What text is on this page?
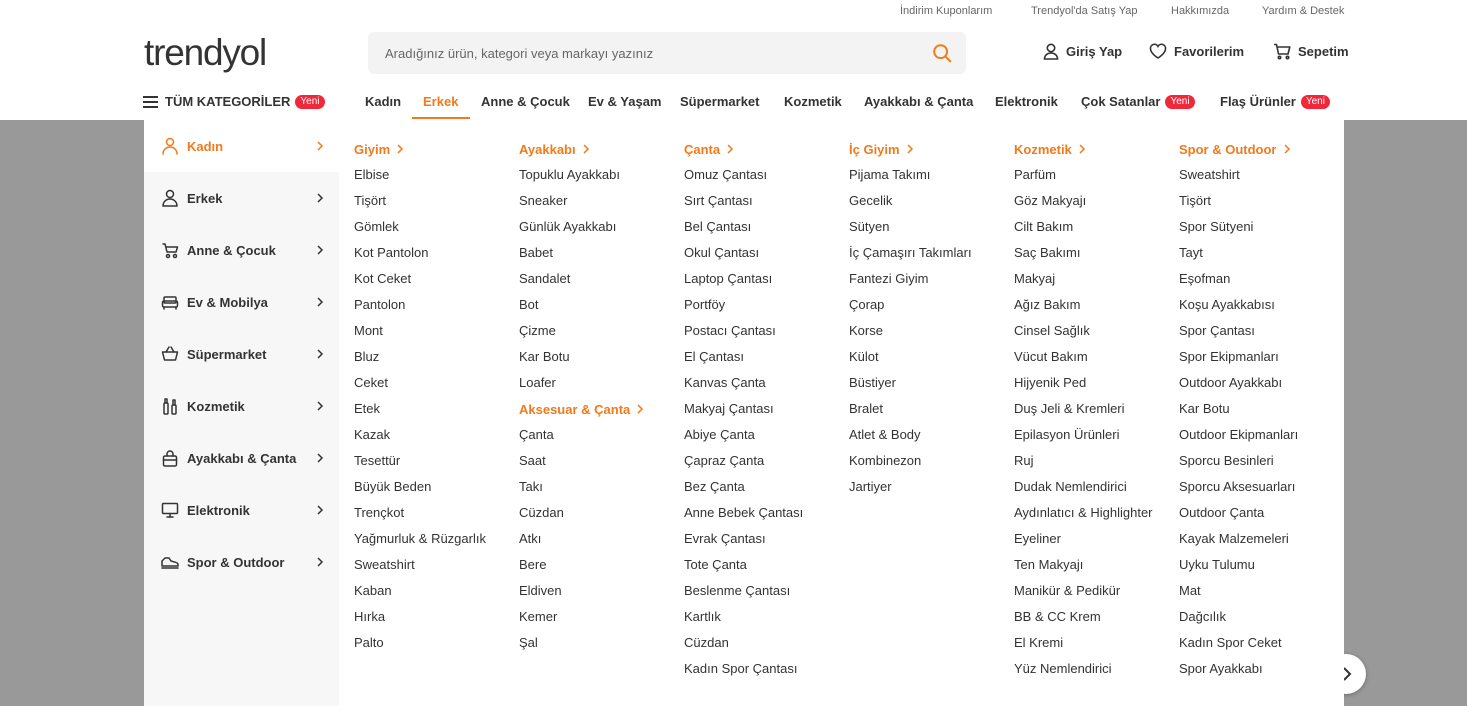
İndirim Kuponlarım	Trendyol'da Satış Yap	Hakkımızda	Yardım & Destek
trendyol
Aradığınız ürün, kategori veya markayı yazınız	Giriş Yap	Favorilerim	Sepetim
TÜM KATEGORİLER	Yeni	Kadın Erkek Anne & Çocuk Ev & Yaşam Süpermarket Kozmetik Ayakkabı & Çanta Elektronik Çok Satanlar	Yeni	Flaş Ürünler	Yeni
Kadın
Erkek
Anne & Çocuk
Ev & Mobilya
Süpermarket
Kozmetik
Ayakkabı & Çanta
Elektronik
Spor & Outdoor
Giyim
Elbise
Tişört
Gömlek
Kot Pantolon
Kot Ceket
Pantolon
Mont
Bluz
Ceket
Etek
Kazak
Tesettür
Büyük Beden
Trençkot
Yağmurluk & Rüzgarlık
Sweatshirt
Kaban
Hırka
Palto
Ayakkabı
Topuklu Ayakkabı
Sneaker
Günlük Ayakkabı
Babet
Sandalet
Bot
Çizme
Kar Botu
Loafer
Aksesuar & Çanta
Çanta
Saat
Takı
Cüzdan
Atkı
Bere
Eldiven
Kemer
Şal
Çanta
Omuz Çantası
Sırt Çantası
Bel Çantası
Okul Çantası
Laptop Çantası
Portföy
Postacı Çantası
El Çantası
Kanvas Çanta
Makyaj Çantası
Abiye Çanta
Çapraz Çanta
Bez Çanta
Anne Bebek Çantası
Evrak Çantası
Tote Çanta
Beslenme Çantası
Kartlık
Cüzdan
Kadın Spor Çantası
İç Giyim
Pijama Takımı
Gecelik
Sütyen
İç Çamaşırı Takımları
Fantezi Giyim
Çorap
Korse
Külot
Büstiyer
Bralet
Atlet & Body
Kombinezon
Jartiyer
Kozmetik
Parfüm
Göz Makyajı
Cilt Bakım
Saç Bakımı
Makyaj
Ağız Bakım
Cinsel Sağlık
Vücut Bakım
Hijyenik Ped
Duş Jeli & Kremleri
Epilasyon Ürünleri
Ruj
Dudak Nemlendirici
Aydınlatıcı & Highlighter
Eyeliner
Ten Makyajı
Manikür & Pedikür
BB & CC Krem
El Kremi
Yüz Nemlendirici
Spor & Outdoor
Sweatshirt
Tişört
Spor Sütyeni
Tayt
Eşofman
Koşu Ayakkabısı
Spor Çantası
Spor Ekipmanları
Outdoor Ayakkabı
Kar Botu
Outdoor Ekipmanları
Sporcu Besinleri
Sporcu Aksesuarları
Outdoor Çanta
Kayak Malzemeleri
Uyku Tulumu
Mat
Dağcılık
Kadın Spor Ceket
Spor Ayakkabı
